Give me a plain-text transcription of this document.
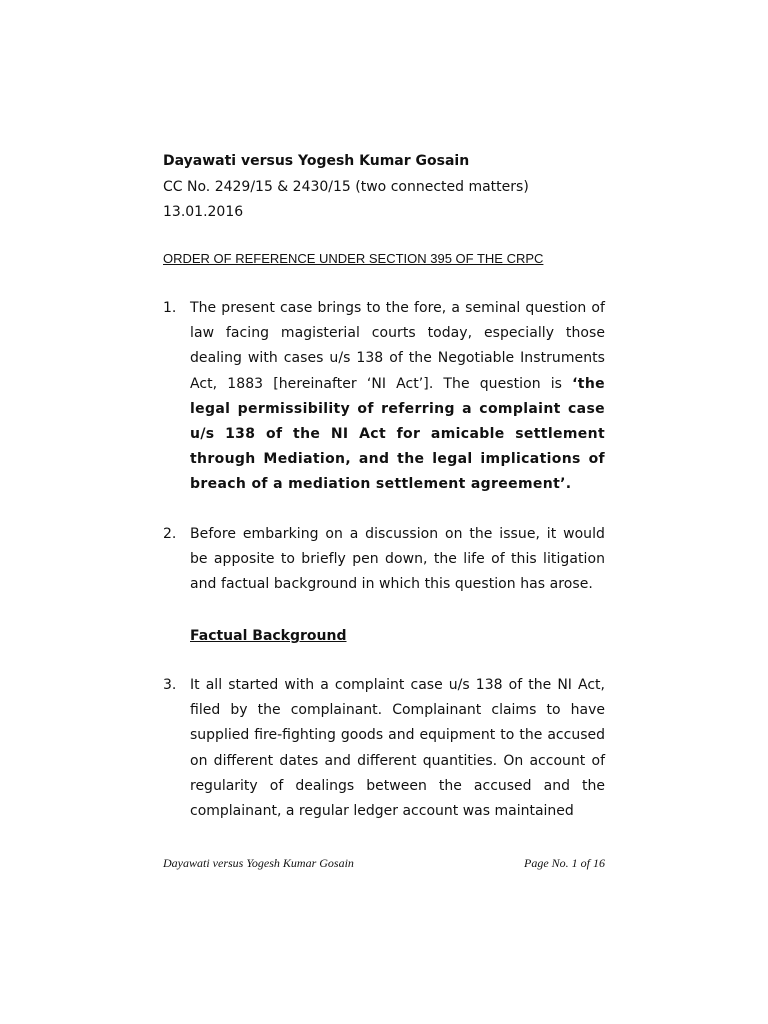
Dayawati versus Yogesh Kumar Gosain
CC No. 2429/15 & 2430/15 (two connected matters)
13.01.2016
ORDER OF REFERENCE UNDER SECTION 395 OF THE CRPC
1. The present case brings to the fore, a seminal question of law facing magisterial courts today, especially those dealing with cases u/s 138 of the Negotiable Instruments Act, 1883 [hereinafter ‘NI Act’]. The question is ‘the legal permissibility of referring a complaint case u/s 138 of the NI Act for amicable settlement through Mediation, and the legal implications of breach of a mediation settlement agreement’.
2. Before embarking on a discussion on the issue, it would be apposite to briefly pen down, the life of this litigation and factual background in which this question has arose.
Factual Background
3. It all started with a complaint case u/s 138 of the NI Act, filed by the complainant. Complainant claims to have supplied fire-fighting goods and equipment to the accused on different dates and different quantities. On account of regularity of dealings between the accused and the complainant, a regular ledger account was maintained
Dayawati versus Yogesh Kumar Gosain	Page No. 1 of 16
